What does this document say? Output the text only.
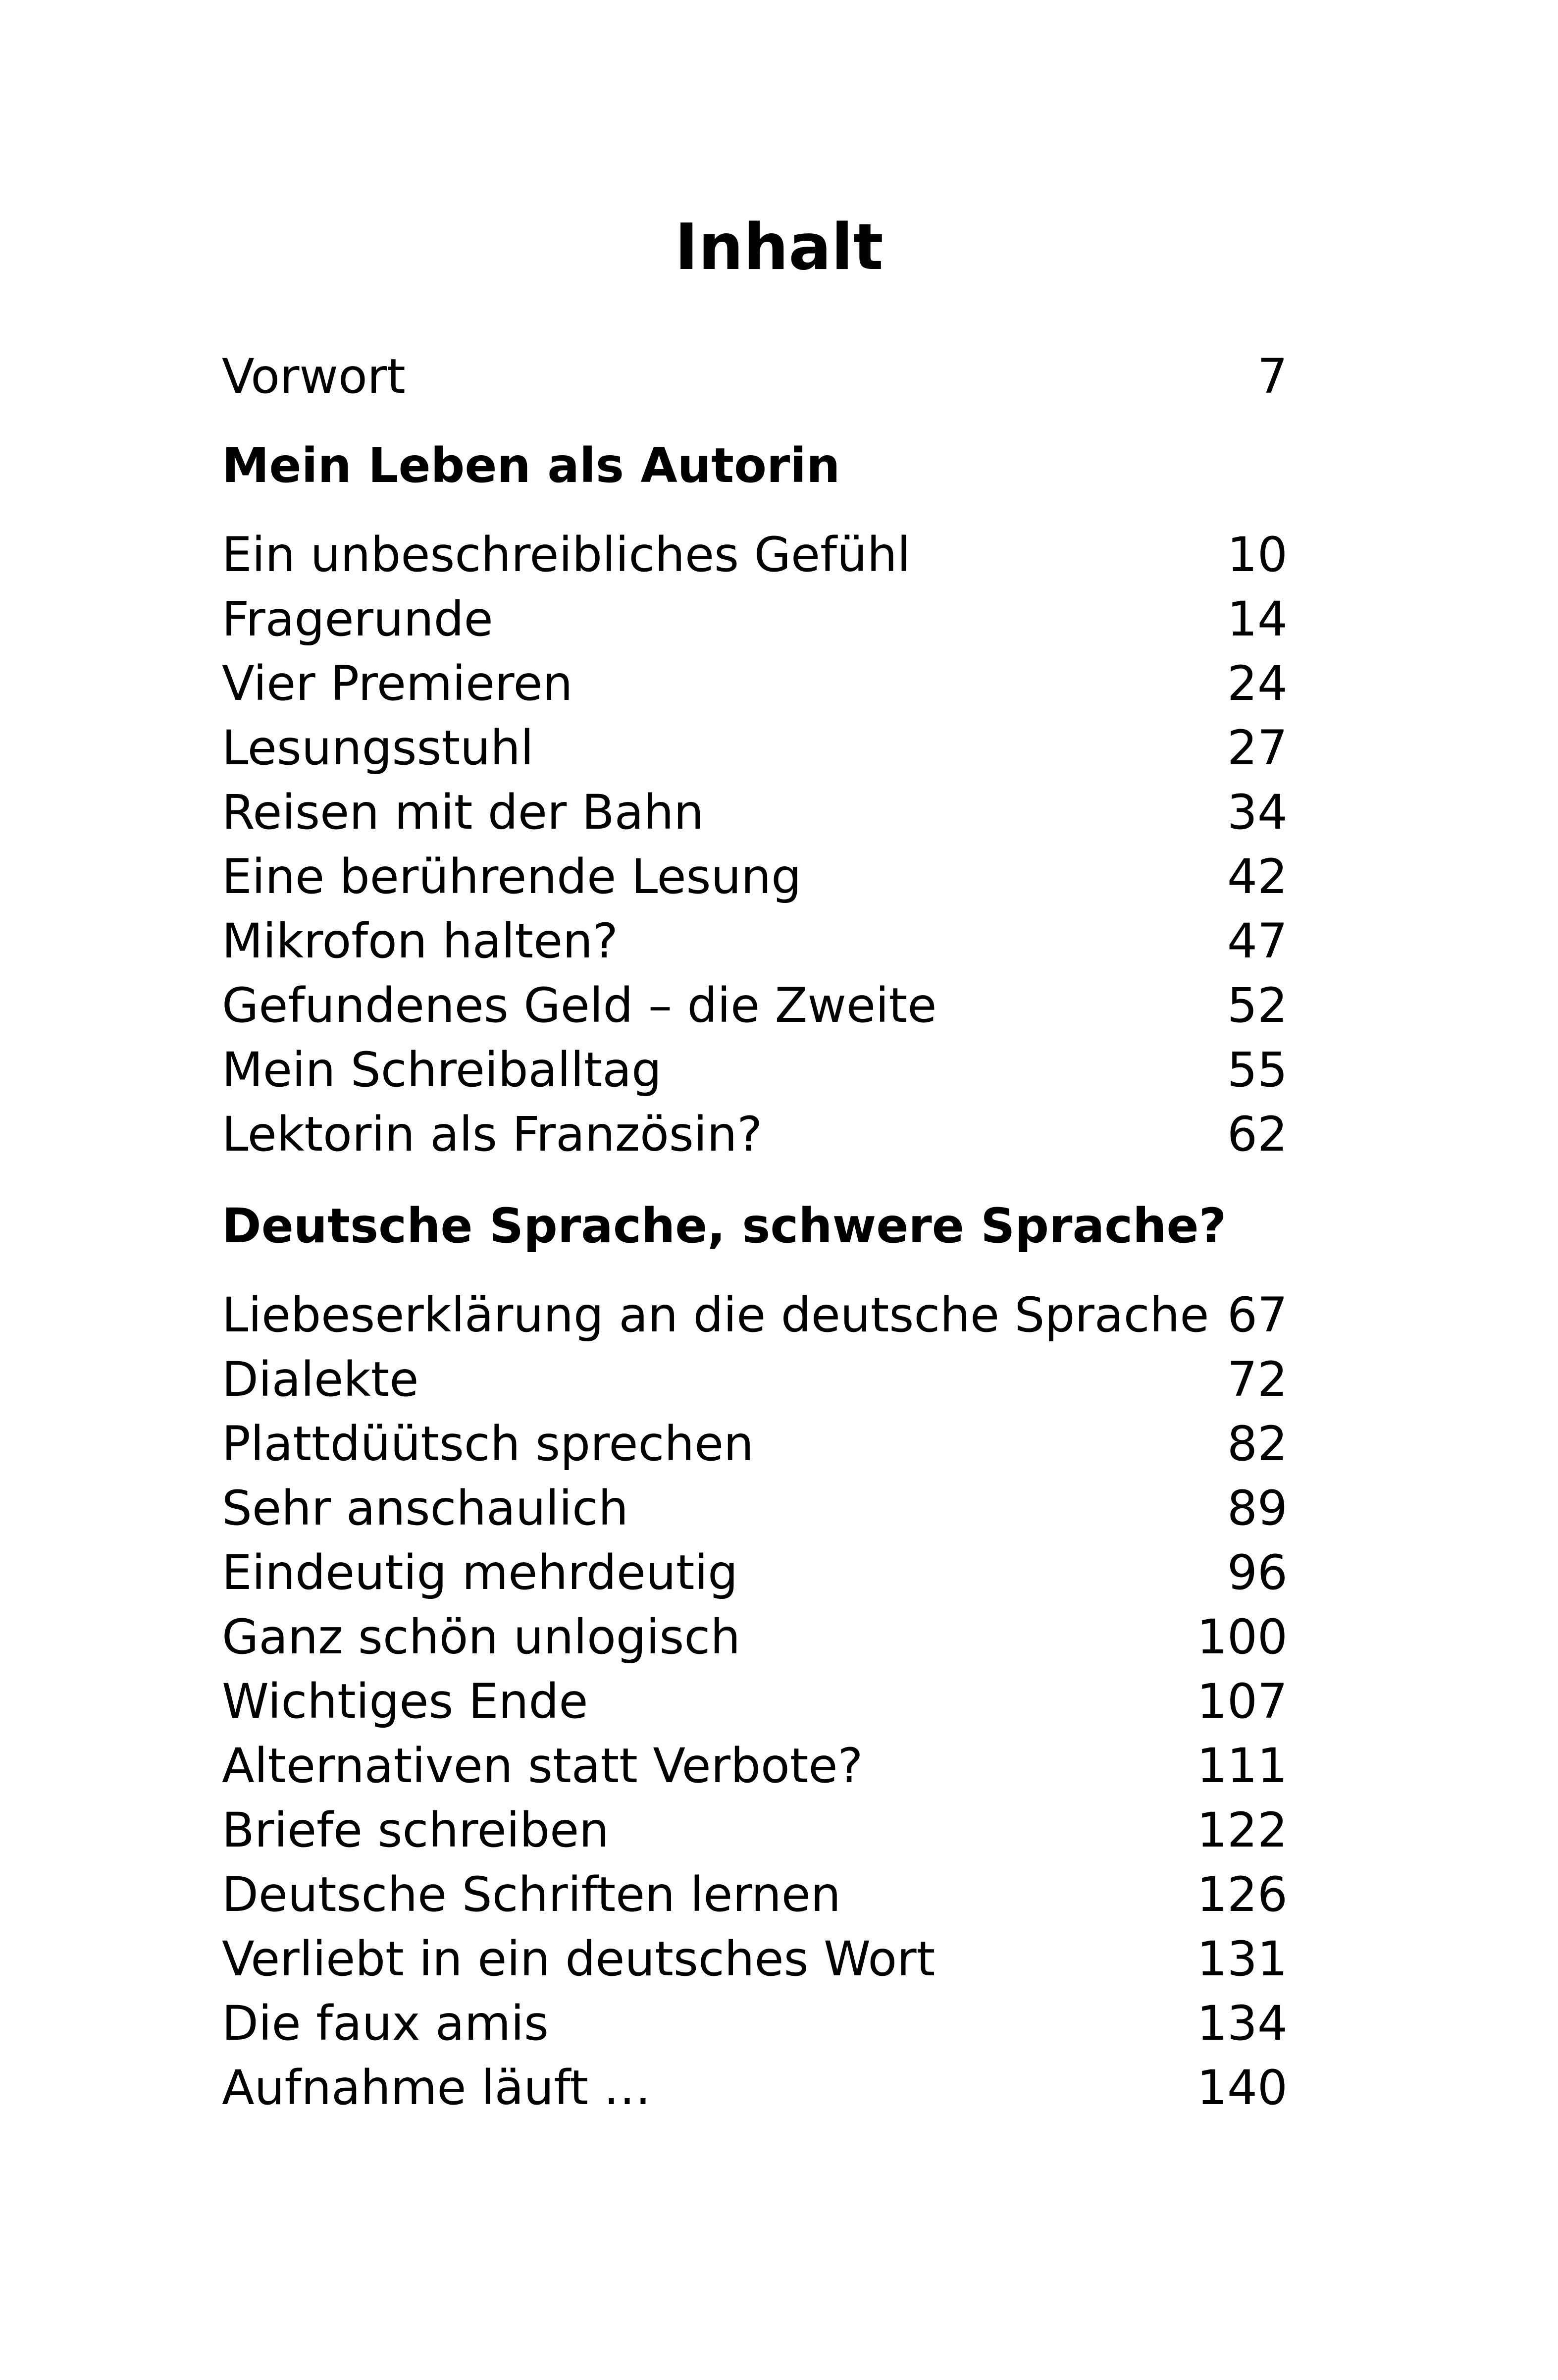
Inhalt
Vorwort	7
Mein Leben als Autorin
Ein unbeschreibliches Gefühl	10
Fragerunde	14
Vier Premieren	24
Lesungsstuhl	27
Reisen mit der Bahn	34
Eine berührende Lesung	42
Mikrofon halten?	47
Gefundenes Geld – die Zweite	52
Mein Schreiballtag	55
Lektorin als Französin?	62
Deutsche Sprache, schwere Sprache?
Liebeserklärung an die deutsche Sprache 67
Dialekte	72
Plattdüütsch sprechen	82
Sehr anschaulich	89
Eindeutig mehrdeutig	96
Ganz schön unlogisch	100
Wichtiges Ende	107
Alternativen statt Verbote?	111
Briefe schreiben	122
Deutsche Schriften lernen	126
Verliebt in ein deutsches Wort	131
Die faux amis	134
Aufnahme läuft …	140
